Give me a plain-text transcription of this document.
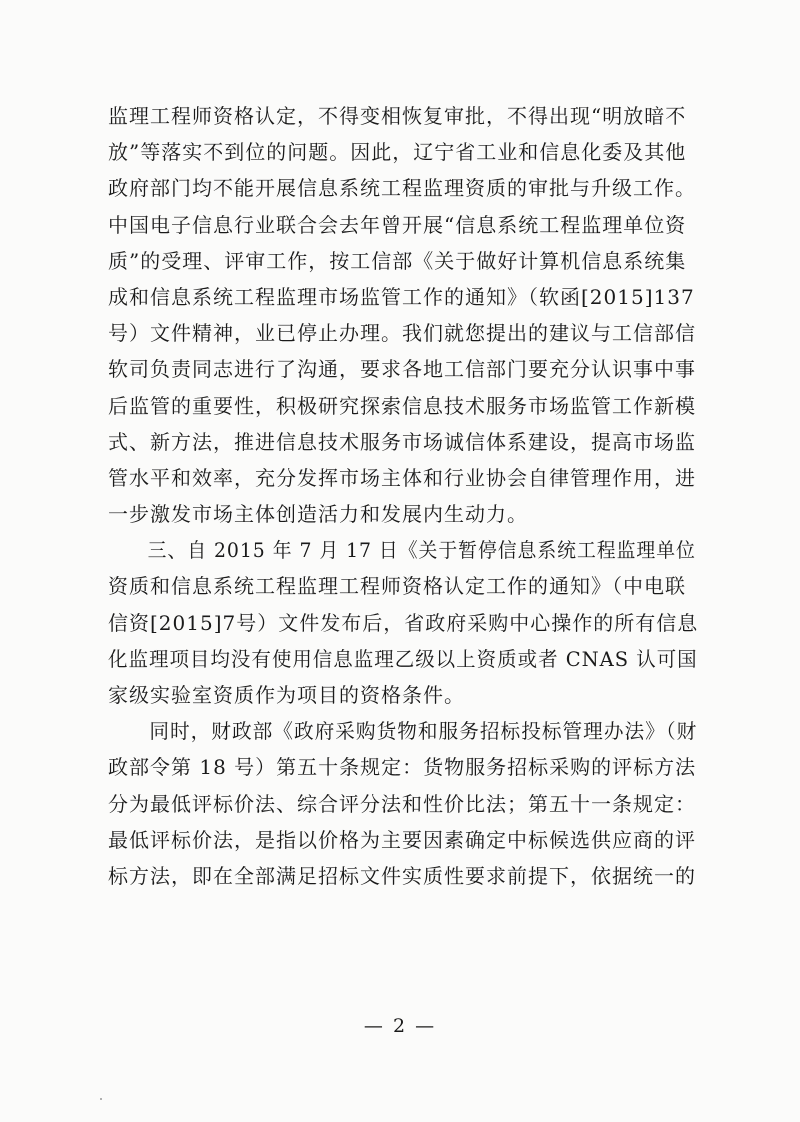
监理工程师资格认定，不得变相恢复审批，不得出现“明放暗不
放”等落实不到位的问题。因此，辽宁省工业和信息化委及其他
政府部门均不能开展信息系统工程监理资质的审批与升级工作。
中国电子信息行业联合会去年曾开展“信息系统工程监理单位资
质”的受理、评审工作，按工信部《关于做好计算机信息系统集
成和信息系统工程监理市场监管工作的通知》（软函[2015]137
号）文件精神，业已停止办理。我们就您提出的建议与工信部信
软司负责同志进行了沟通，要求各地工信部门要充分认识事中事
后监管的重要性，积极研究探索信息技术服务市场监管工作新模
式、新方法，推进信息技术服务市场诚信体系建设，提高市场监
管水平和效率，充分发挥市场主体和行业协会自律管理作用，进
一步激发市场主体创造活力和发展内生动力。
三、自 2015 年 7 月 17 日《关于暂停信息系统工程监理单位
资质和信息系统工程监理工程师资格认定工作的通知》（中电联
信资[2015]7号）文件发布后，省政府采购中心操作的所有信息
化监理项目均没有使用信息监理乙级以上资质或者 CNAS 认可国
家级实验室资质作为项目的资格条件。
同时，财政部《政府采购货物和服务招标投标管理办法》（财
政部令第 18 号）第五十条规定：货物服务招标采购的评标方法
分为最低评标价法、综合评分法和性价比法；第五十一条规定：
最低评标价法，是指以价格为主要因素确定中标候选供应商的评
标方法，即在全部满足招标文件实质性要求前提下，依据统一的
— 2 —
